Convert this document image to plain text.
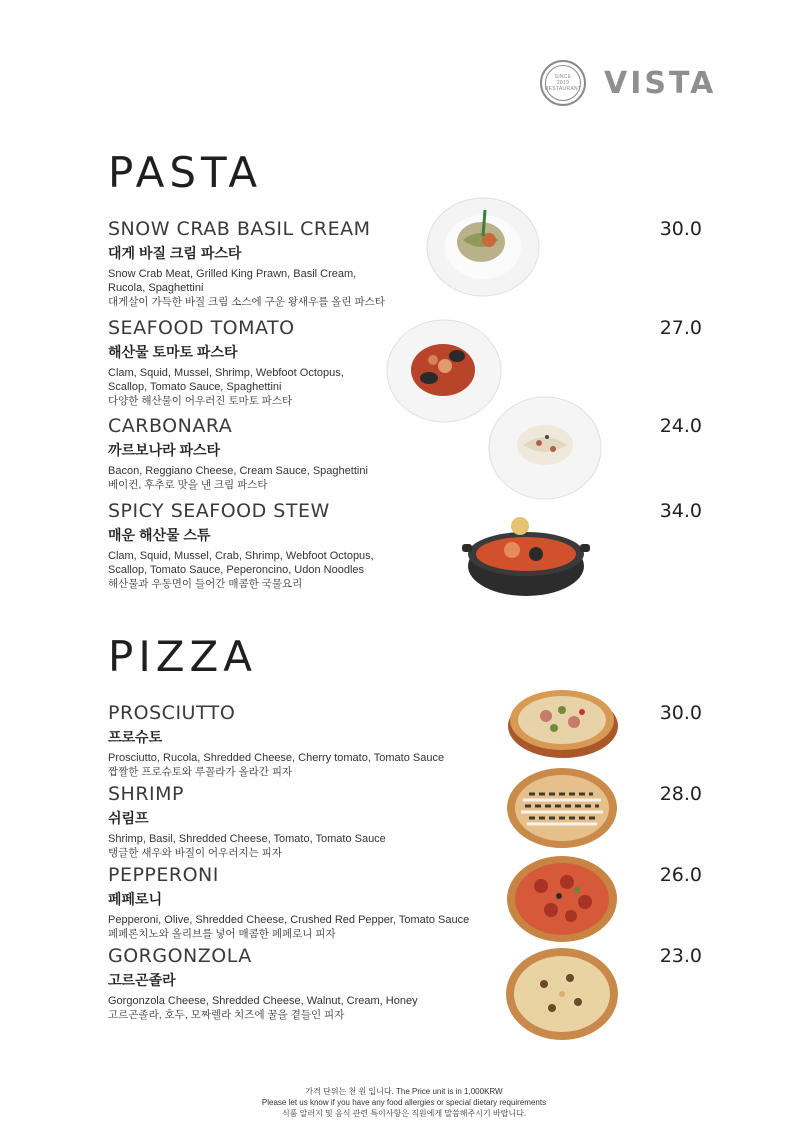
SINCE
2019
RESTAURANT VISTA
PASTA
SNOW CRAB BASIL CREAM
대게 바질 크림 파스타
Snow Crab Meat, Grilled King Prawn, Basil Cream,
Rucola, Spaghettini
대게살이 가득한 바질 크림 소스에 구운 왕새우를 올린 파스타
30.0
SEAFOOD TOMATO
해산물 토마토 파스타
Clam, Squid, Mussel, Shrimp, Webfoot Octopus,
Scallop, Tomato Sauce, Spaghettini
다양한 해산물이 어우러진 토마토 파스타
27.0
CARBONARA
까르보나라 파스타
Bacon, Reggiano Cheese, Cream Sauce, Spaghettini
베이컨, 후추로 맛을 낸 크림 파스타
24.0
SPICY SEAFOOD STEW
매운 해산물 스튜
Clam, Squid, Mussel, Crab, Shrimp, Webfoot Octopus,
Scallop, Tomato Sauce, Peperoncino, Udon Noodles
해산물과 우동면이 들어간 매콤한 국물요리
34.0
PIZZA
PROSCIUTTO
프로슈토
Prosciutto, Rucola, Shredded Cheese, Cherry tomato, Tomato Sauce
짭짤한 프로슈토와 루꼴라가 올라간 피자
30.0
SHRIMP
쉬림프
Shrimp, Basil, Shredded Cheese, Tomato, Tomato Sauce
탱글한 새우와 바질이 어우러지는 피자
28.0
PEPPERONI
페페로니
Pepperoni, Olive, Shredded Cheese, Crushed Red Pepper, Tomato Sauce
페페론치노와 올리브를 넣어 매콤한 페페로니 피자
26.0
GORGONZOLA
고르곤졸라
Gorgonzola Cheese, Shredded Cheese, Walnut, Cream, Honey
고르곤졸라, 호두, 모짜렐라 치즈에 꿀을 곁들인 피자
23.0
가격 단위는 천 원 입니다. The Price unit is in 1,000KRW
Please let us know if you have any food allergies or special dietary requirements
식품 알러지 및 음식 관련 특이사항은 직원에게 말씀해주시기 바랍니다.
